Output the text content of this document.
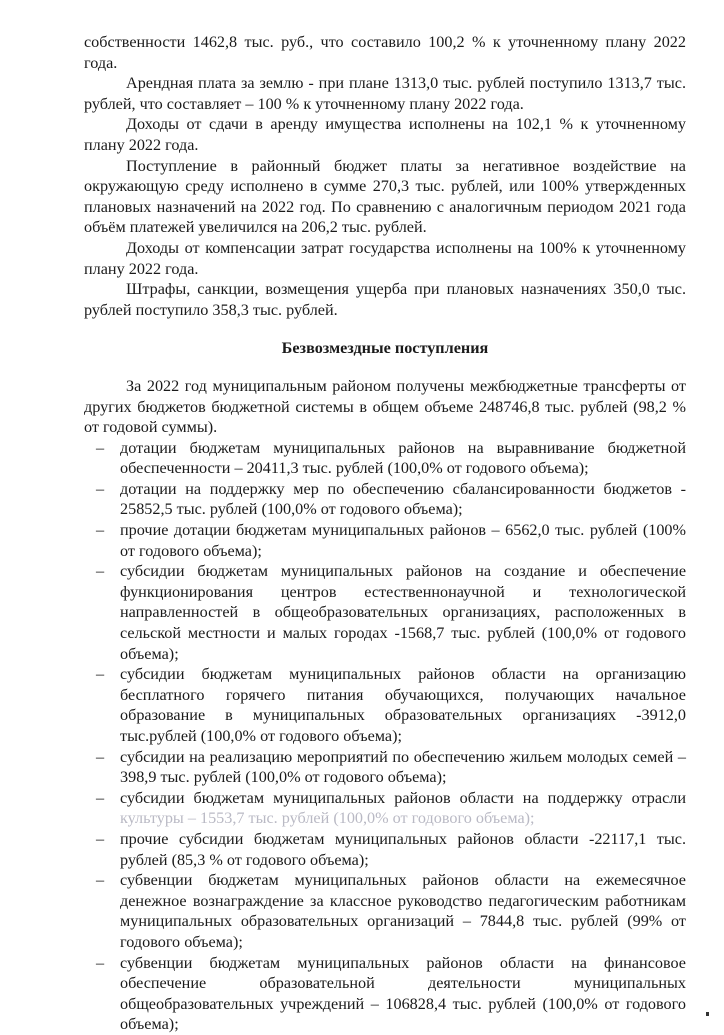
собственности 1462,8 тыс. руб., что составило 100,2 % к уточненному плану 2022 года.

Арендная плата за землю - при плане 1313,0 тыс. рублей поступило 1313,7 тыс. рублей, что составляет – 100 % к уточненному плану 2022 года.

Доходы от сдачи в аренду имущества исполнены на 102,1 % к уточненному плану 2022 года.

Поступление в районный бюджет платы за негативное воздействие на окружающую среду исполнено в сумме 270,3 тыс. рублей, или 100% утвержденных плановых назначений на 2022 год. По сравнению с аналогичным периодом 2021 года объём платежей увеличился на 206,2 тыс. рублей.

Доходы от компенсации затрат государства исполнены на 100% к уточненному плану 2022 года.

Штрафы, санкции, возмещения ущерба при плановых назначениях 350,0 тыс. рублей поступило 358,3 тыс. рублей.

Безвозмездные поступления

За 2022 год муниципальным районом получены межбюджетные трансферты от других бюджетов бюджетной системы в общем объеме 248746,8 тыс. рублей (98,2 % от годовой суммы).

– дотации бюджетам муниципальных районов на выравнивание бюджетной обеспеченности – 20411,3 тыс. рублей (100,0% от годового объема);
– дотации на поддержку мер по обеспечению сбалансированности бюджетов - 25852,5 тыс. рублей (100,0% от годового объема);
– прочие дотации бюджетам муниципальных районов – 6562,0 тыс. рублей (100% от годового объема);
– субсидии бюджетам муниципальных районов на создание и обеспечение функционирования центров естественнонаучной и технологической направленностей в общеобразовательных организациях, расположенных в сельской местности и малых городах -1568,7 тыс. рублей (100,0% от годового объема);
– субсидии бюджетам муниципальных районов области на организацию бесплатного горячего питания обучающихся, получающих начальное образование в муниципальных образовательных организациях -3912,0 тыс.рублей (100,0% от годового объема);
– субсидии на реализацию мероприятий по обеспечению жильем молодых семей – 398,9 тыс. рублей (100,0% от годового объема);
– субсидии бюджетам муниципальных районов области на поддержку отрасли культуры – 1553,7 тыс. рублей (100,0% от годового объема);
– прочие субсидии бюджетам муниципальных районов области -22117,1 тыс. рублей (85,3 % от годового объема);
– субвенции бюджетам муниципальных районов области на ежемесячное денежное вознаграждение за классное руководство педагогическим работникам муниципальных образовательных организаций – 7844,8 тыс. рублей (99% от годового объема);
– субвенции бюджетам муниципальных районов области на финансовое обеспечение образовательной деятельности муниципальных общеобразовательных учреждений – 106828,4 тыс. рублей (100,0% от годового объема);
